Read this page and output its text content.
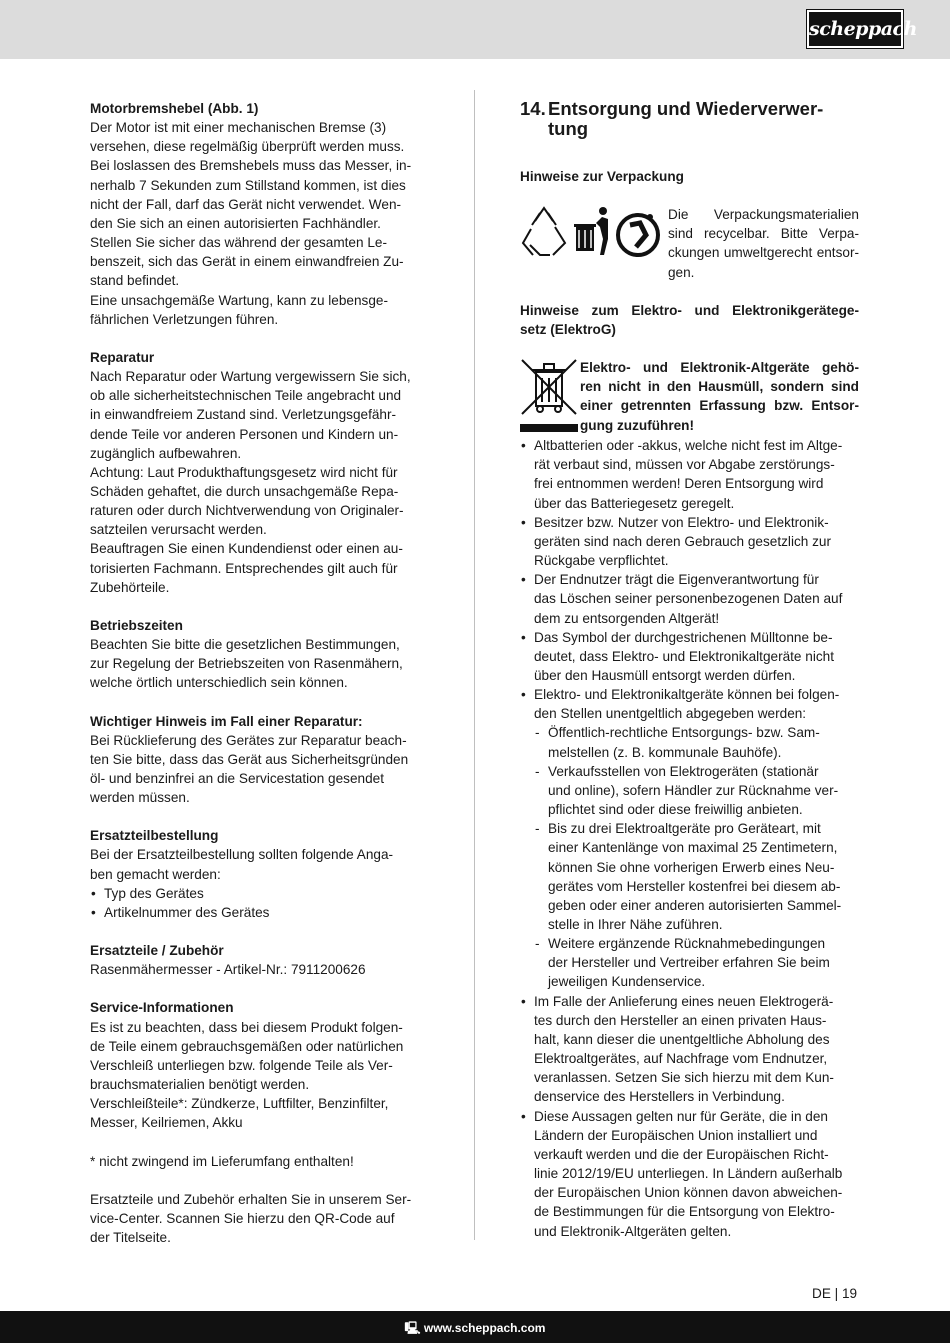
scheppach

Motorbremshebel (Abb. 1)

Der Motor ist mit einer mechanischen Bremse (3)

versehen, diese regelmäßig überprüft werden muss.

Bei loslassen des Bremshebels muss das Messer, in-

nerhalb 7 Sekunden zum Stillstand kommen, ist dies

nicht der Fall, darf das Gerät nicht verwendet. Wen-

den Sie sich an einen autorisierten Fachhändler.

Stellen Sie sicher das während der gesamten Le-

benszeit, sich das Gerät in einem einwandfreien Zu-

stand befindet.

Eine unsachgemäße Wartung, kann zu lebensge-

fährlichen Verletzungen führen.

Reparatur

Nach Reparatur oder Wartung vergewissern Sie sich,

ob alle sicherheitstechnischen Teile angebracht und

in einwandfreiem Zustand sind. Verletzungsgefähr-

dende Teile vor anderen Personen und Kindern un-

zugänglich aufbewahren.

Achtung: Laut Produkthaftungsgesetz wird nicht für

Schäden gehaftet, die durch unsachgemäße Repa-

raturen oder durch Nichtverwendung von Originaler-

satzteilen verursacht werden.

Beauftragen Sie einen Kundendienst oder einen au-

torisierten Fachmann. Entsprechendes gilt auch für

Zubehörteile.

Betriebszeiten

Beachten Sie bitte die gesetzlichen Bestimmungen,

zur Regelung der Betriebszeiten von Rasenmähern,

welche örtlich unterschiedlich sein können.

Wichtiger Hinweis im Fall einer Reparatur:

Bei Rücklieferung des Gerätes zur Reparatur beach-

ten Sie bitte, dass das Gerät aus Sicherheitsgründen

öl- und benzinfrei an die Servicestation gesendet

werden müssen.

Ersatzteilbestellung

Bei der Ersatzteilbestellung sollten folgende Anga-

ben gemacht werden:

• Typ des Gerätes
• Artikelnummer des Gerätes

Ersatzteile / Zubehör

Rasenmähermesser - Artikel-Nr.: 7911200626

Service-Informationen

Es ist zu beachten, dass bei diesem Produkt folgen-

de Teile einem gebrauchsgemäßen oder natürlichen

Verschleiß unterliegen bzw. folgende Teile als Ver-

brauchsmaterialien benötigt werden.

Verschleißteile*: Zündkerze, Luftfilter, Benzinfilter,

Messer, Keilriemen, Akku

* nicht zwingend im Lieferumfang enthalten!

Ersatzteile und Zubehör erhalten Sie in unserem Ser-

vice-Center. Scannen Sie hierzu den QR-Code auf

der Titelseite.

14. Entsorgung und Wiederverwer-
tung

Hinweise zur Verpackung

Die Verpackungsmaterialien

sind recycelbar. Bitte Verpa-

ckungen umweltgerecht entsor-

gen.

Hinweise zum Elektro- und Elektronikgerätege-

setz (ElektroG)

Elektro- und Elektronik-Altgeräte gehö-

ren nicht in den Hausmüll, sondern sind

einer getrennten Erfassung bzw. Entsor-

gung zuzuführen!

• Altbatterien oder -akkus, welche nicht fest im Altge-
rät verbaut sind, müssen vor Abgabe zerstörungs-
frei entnommen werden! Deren Entsorgung wird
über das Batteriegesetz geregelt.
• Besitzer bzw. Nutzer von Elektro- und Elektronik-
geräten sind nach deren Gebrauch gesetzlich zur
Rückgabe verpflichtet.
• Der Endnutzer trägt die Eigenverantwortung für
das Löschen seiner personenbezogenen Daten auf
dem zu entsorgenden Altgerät!
• Das Symbol der durchgestrichenen Mülltonne be-
deutet, dass Elektro- und Elektronikaltgeräte nicht
über den Hausmüll entsorgt werden dürfen.
• Elektro- und Elektronikaltgeräte können bei folgen-
den Stellen unentgeltlich abgegeben werden:
- Öffentlich-rechtliche Entsorgungs- bzw. Sam-
melstellen (z. B. kommunale Bauhöfe).
- Verkaufsstellen von Elektrogeräten (stationär
und online), sofern Händler zur Rücknahme ver-
pflichtet sind oder diese freiwillig anbieten.
- Bis zu drei Elektroaltgeräte pro Geräteart, mit
einer Kantenlänge von maximal 25 Zentimetern,
können Sie ohne vorherigen Erwerb eines Neu-
gerätes vom Hersteller kostenfrei bei diesem ab-
geben oder einer anderen autorisierten Sammel-
stelle in Ihrer Nähe zuführen.
- Weitere ergänzende Rücknahmebedingungen
der Hersteller und Vertreiber erfahren Sie beim
jeweiligen Kundenservice.
• Im Falle der Anlieferung eines neuen Elektrogerä-
tes durch den Hersteller an einen privaten Haus-
halt, kann dieser die unentgeltliche Abholung des
Elektroaltgerätes, auf Nachfrage vom Endnutzer,
veranlassen. Setzen Sie sich hierzu mit dem Kun-
denservice des Herstellers in Verbindung.
• Diese Aussagen gelten nur für Geräte, die in den
Ländern der Europäischen Union installiert und
verkauft werden und die der Europäischen Richt-
linie 2012/19/EU unterliegen. In Ländern außerhalb
der Europäischen Union können davon abweichen-
de Bestimmungen für die Entsorgung von Elektro-
und Elektronik-Altgeräten gelten.
DE | 19
🖳︎ www.scheppach.com
